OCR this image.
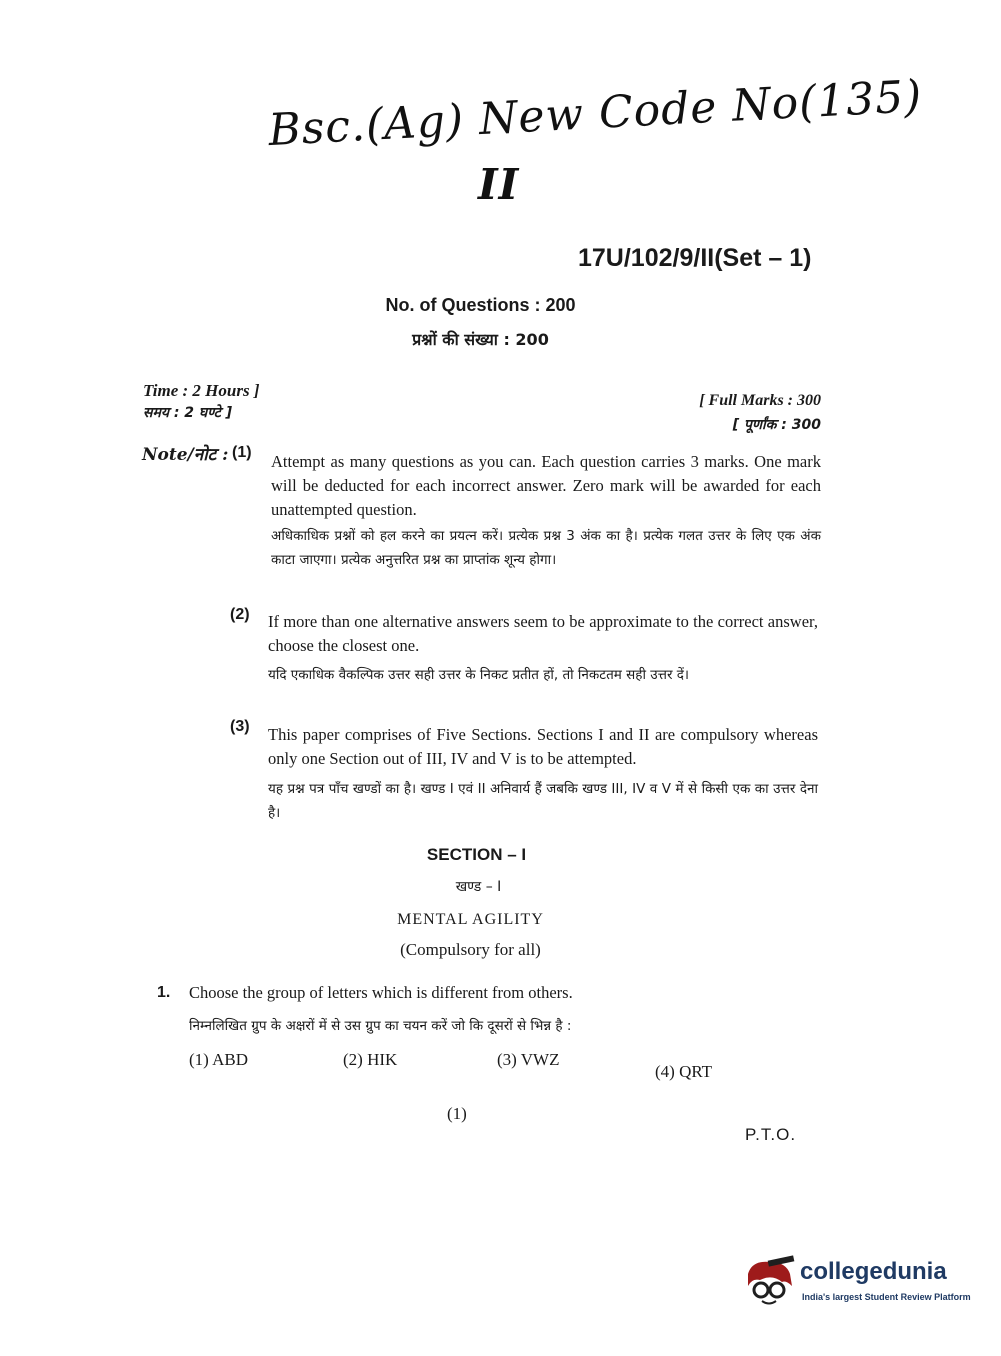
Bsc.(Ag) New Code No(135)
II
17U/102/9/II(Set – 1)
No. of Questions : 200
प्रश्नों की संख्या : 200
Time : 2 Hours ]
समय : 2 घण्टे ]
[ Full Marks : 300
[ पूर्णांक : 300
Note/नोट : (1) Attempt as many questions as you can. Each question carries 3 marks. One mark will be deducted for each incorrect answer. Zero mark will be awarded for each unattempted question.
अधिकाधिक प्रश्नों को हल करने का प्रयत्न करें। प्रत्येक प्रश्न 3 अंक का है। प्रत्येक गलत उत्तर के लिए एक अंक काटा जाएगा। प्रत्येक अनुत्तरित प्रश्न का प्राप्तांक शून्य होगा।
(2) If more than one alternative answers seem to be approximate to the correct answer, choose the closest one.
यदि एकाधिक वैकल्पिक उत्तर सही उत्तर के निकट प्रतीत हों, तो निकटतम सही उत्तर दें।
(3) This paper comprises of Five Sections. Sections I and II are compulsory whereas only one Section out of III, IV and V is to be attempted.
यह प्रश्न पत्र पाँच खण्डों का है। खण्ड I एवं II अनिवार्य हैं जबकि खण्ड III, IV व V में से किसी एक का उत्तर देना है।
SECTION – I
खण्ड – I
MENTAL AGILITY
(Compulsory for all)
1. Choose the group of letters which is different from others.
निम्नलिखित ग्रुप के अक्षरों में से उस ग्रुप का चयन करें जो कि दूसरों से भिन्न है :
(1) ABD	(2) HIK	(3) VWZ
(4) QRT
(1)
P.T.O.
collegedunia
India's largest Student Review Platform
